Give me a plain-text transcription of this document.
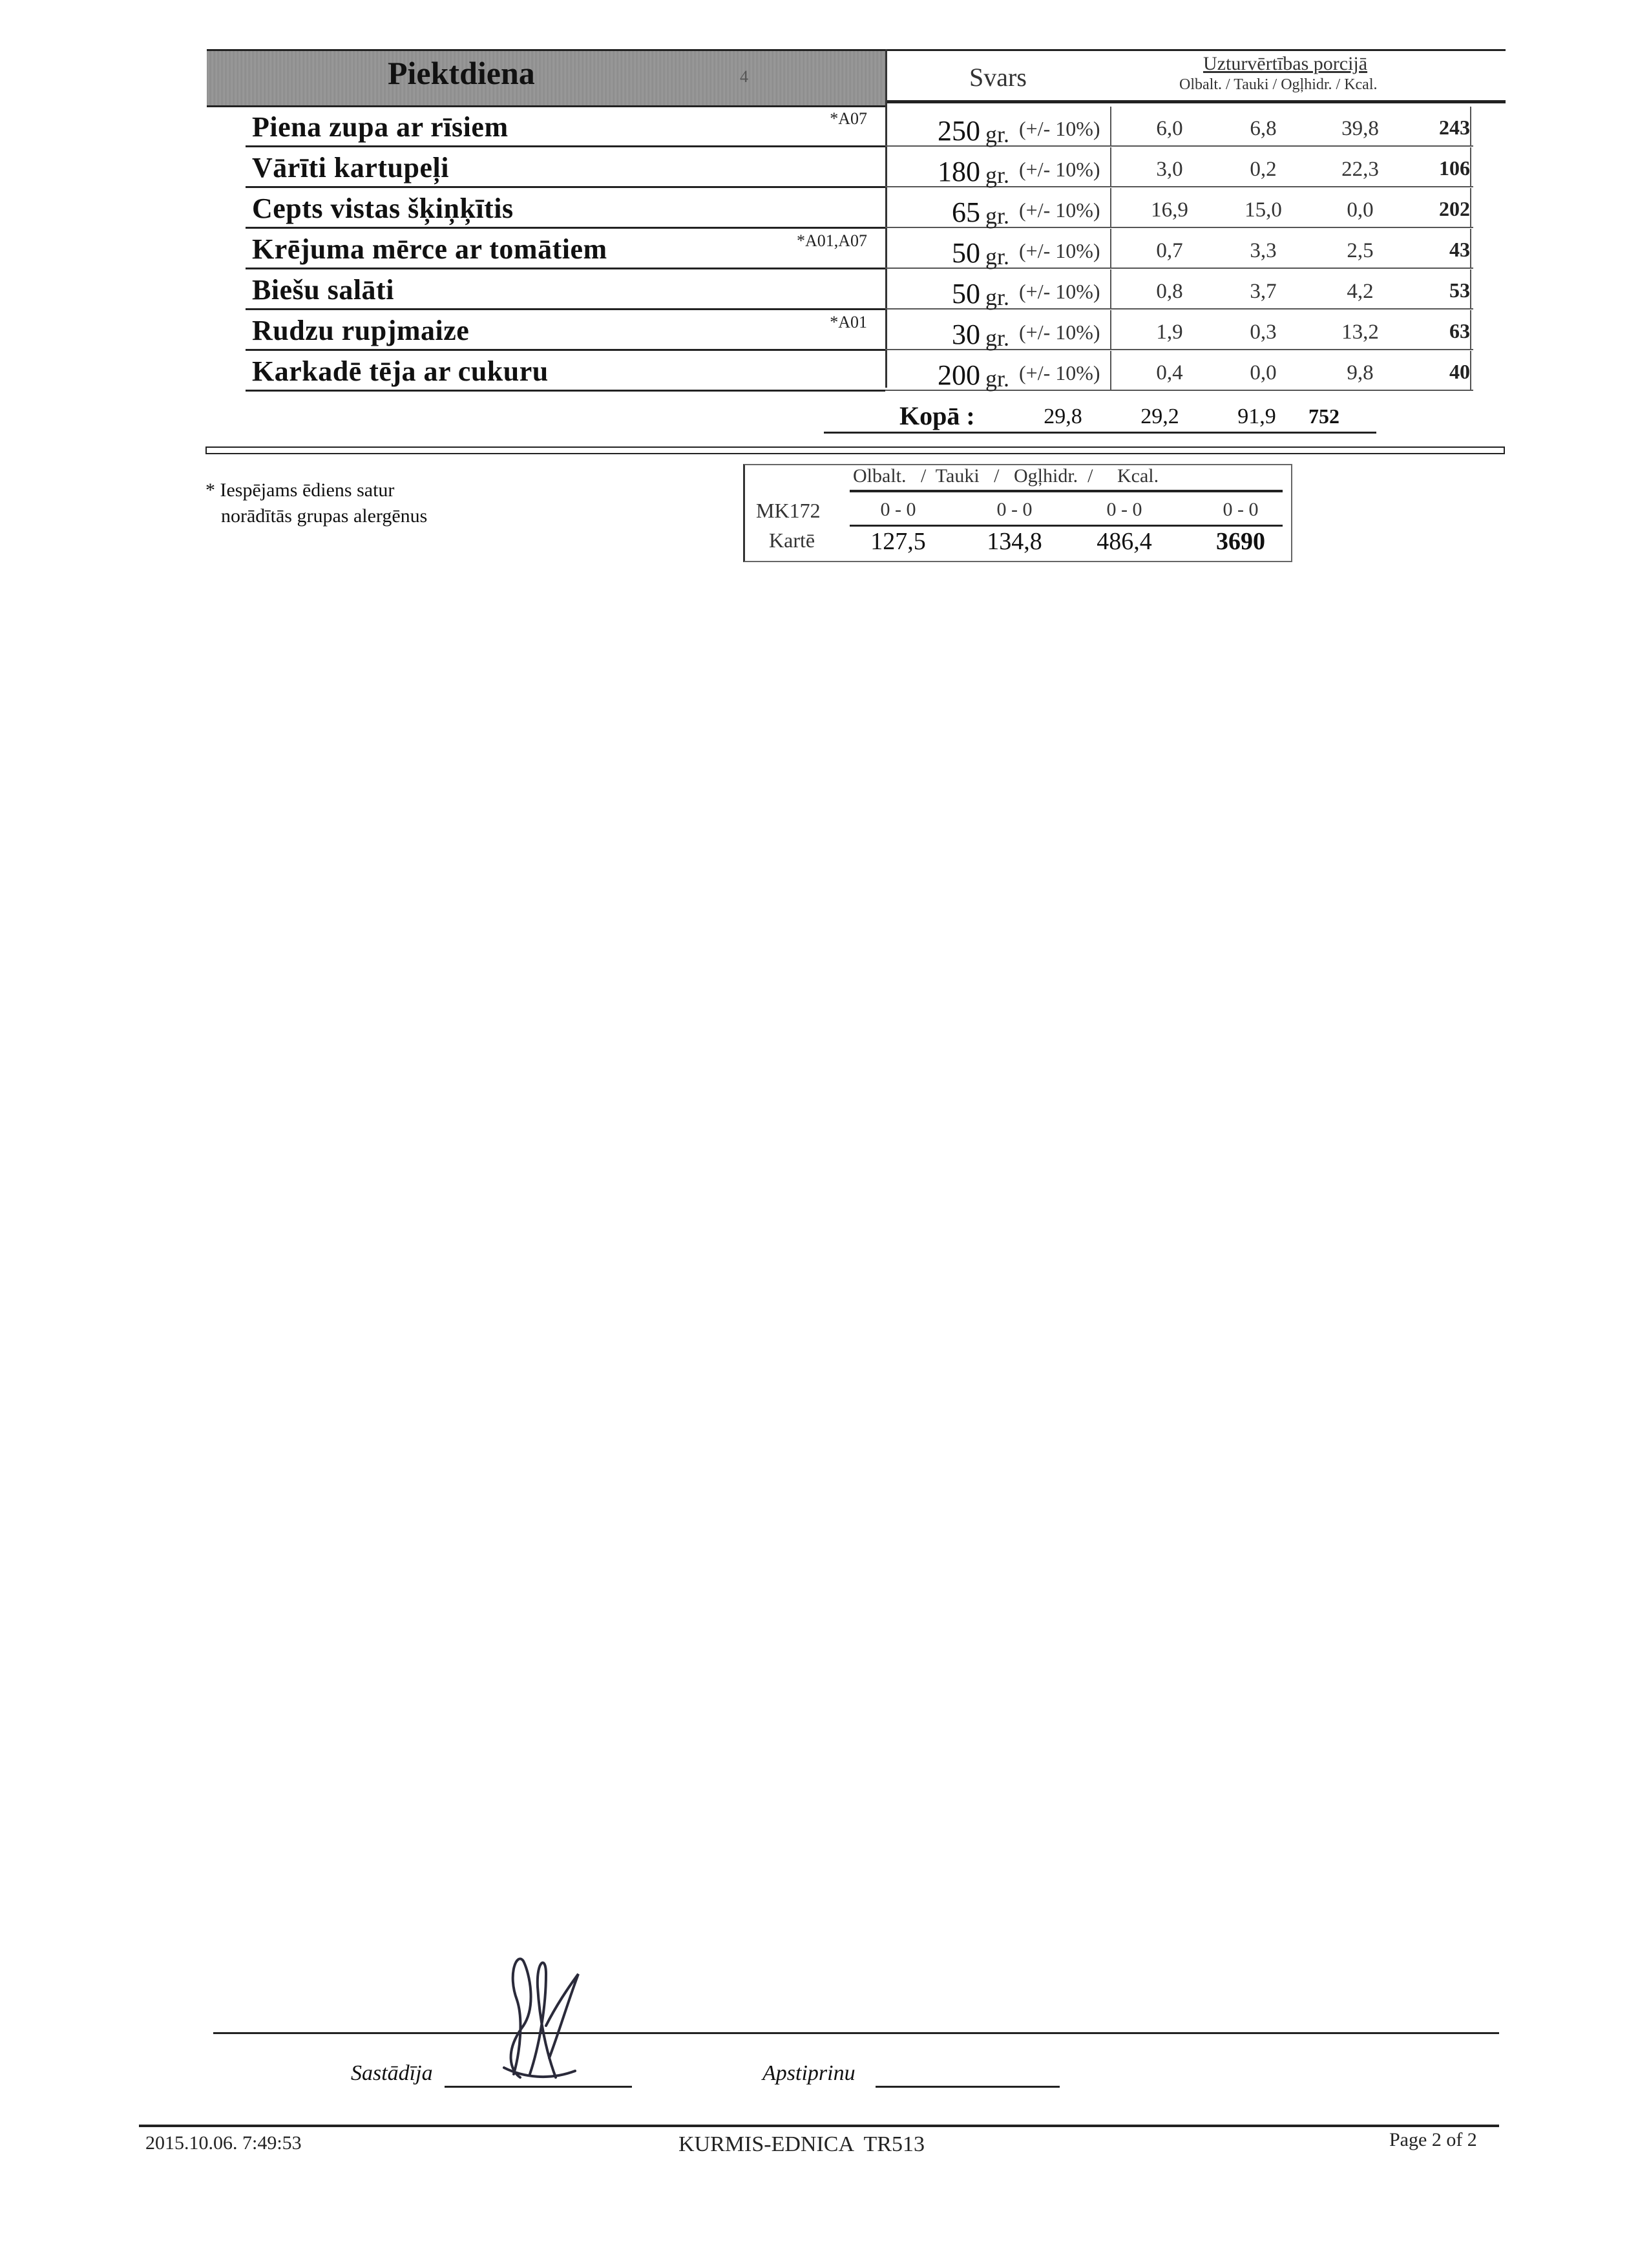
Piektdiena	4	Svars	Uzturvērtības porcijā
Olbalt. / Tauki / Ogļhidr. / Kcal.
Piena zupa ar rīsiem	*A07 250 gr. (+/- 10%)	6,0	6,8	39,8	243
Vārīti kartupeļi	180 gr. (+/- 10%)	3,0	0,2	22,3	106
Cepts vistas šķiņķītis	65 gr. (+/- 10%)	16,9	15,0	0,0	202
Krējuma mērce ar tomātiem	*A01,A07	50 gr. (+/- 10%)	0,7	3,3	2,5	43
Biešu salāti	50 gr. (+/- 10%)	0,8	3,7	4,2	53
Rudzu rupjmaize	*A01	30 gr. (+/- 10%)	1,9	0,3	13,2	63
Karkadē tēja ar cukuru	200 gr. (+/- 10%)	0,4	0,0	9,8	40
Kopā :	29,8	29,2	91,9	752
* Iespējams ēdiens satur
norādītās grupas alergēnus
Olbalt.   /  Tauki   /   Ogļhidr.  /     Kcal.
MK172	0 - 0	0 - 0	0 - 0	0 - 0
Kartē	127,5	134,8	486,4	3690
Sastādīja	Apstiprinu
2015.10.06. 7:49:53	KURMIS-EDNICA  TR513	Page 2 of 2
